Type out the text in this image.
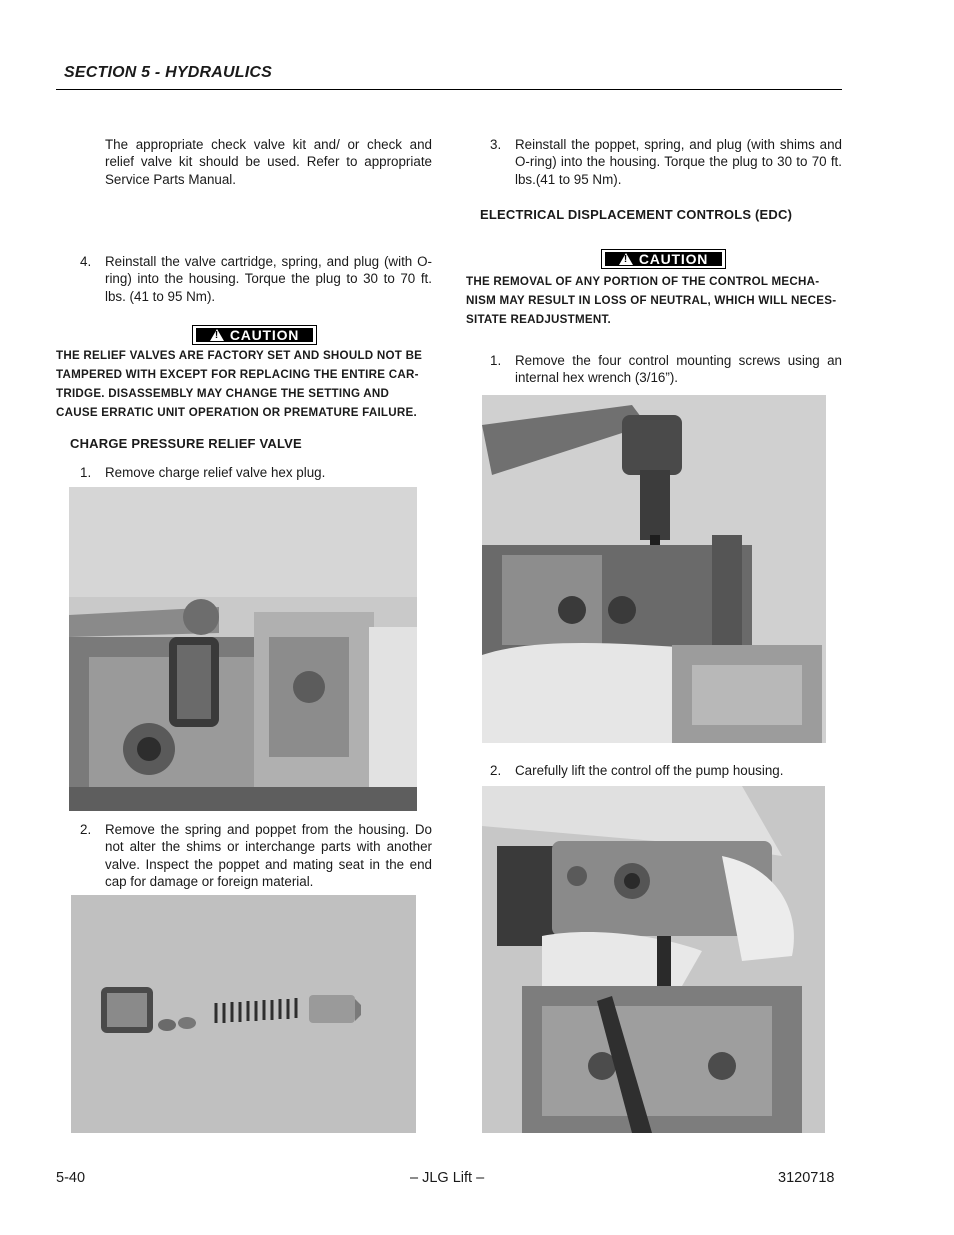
SECTION 5 - HYDRAULICS
The appropriate check valve kit and/ or check and relief valve kit should be used. Refer to appropriate Service Parts Manual.
4. Reinstall the valve cartridge, spring, and plug (with O-ring) into the housing. Torque the plug to 30 to 70 ft. lbs. (41 to 95 Nm).
! CAUTION
THE RELIEF VALVES ARE FACTORY SET AND SHOULD NOT BE
TAMPERED WITH EXCEPT FOR REPLACING THE ENTIRE CAR-
TRIDGE. DISASSEMBLY MAY CHANGE THE SETTING AND
CAUSE ERRATIC UNIT OPERATION OR PREMATURE FAILURE.
CHARGE PRESSURE RELIEF VALVE
1. Remove charge relief valve hex plug.
2. Remove the spring and poppet from the housing. Do not alter the shims or interchange parts with another valve. Inspect the poppet and mating seat in the end cap for damage or foreign material.
3. Reinstall the poppet, spring, and plug (with shims and O-ring) into the housing. Torque the plug to 30 to 70 ft. lbs.(41 to 95 Nm).
ELECTRICAL DISPLACEMENT CONTROLS (EDC)
! CAUTION
THE REMOVAL OF ANY PORTION OF THE CONTROL MECHA-
NISM MAY RESULT IN LOSS OF NEUTRAL, WHICH WILL NECES-
SITATE READJUSTMENT.
1. Remove the four control mounting screws using an internal hex wrench (3/16”).
2. Carefully lift the control off the pump housing.
5-40	– JLG Lift –	3120718
